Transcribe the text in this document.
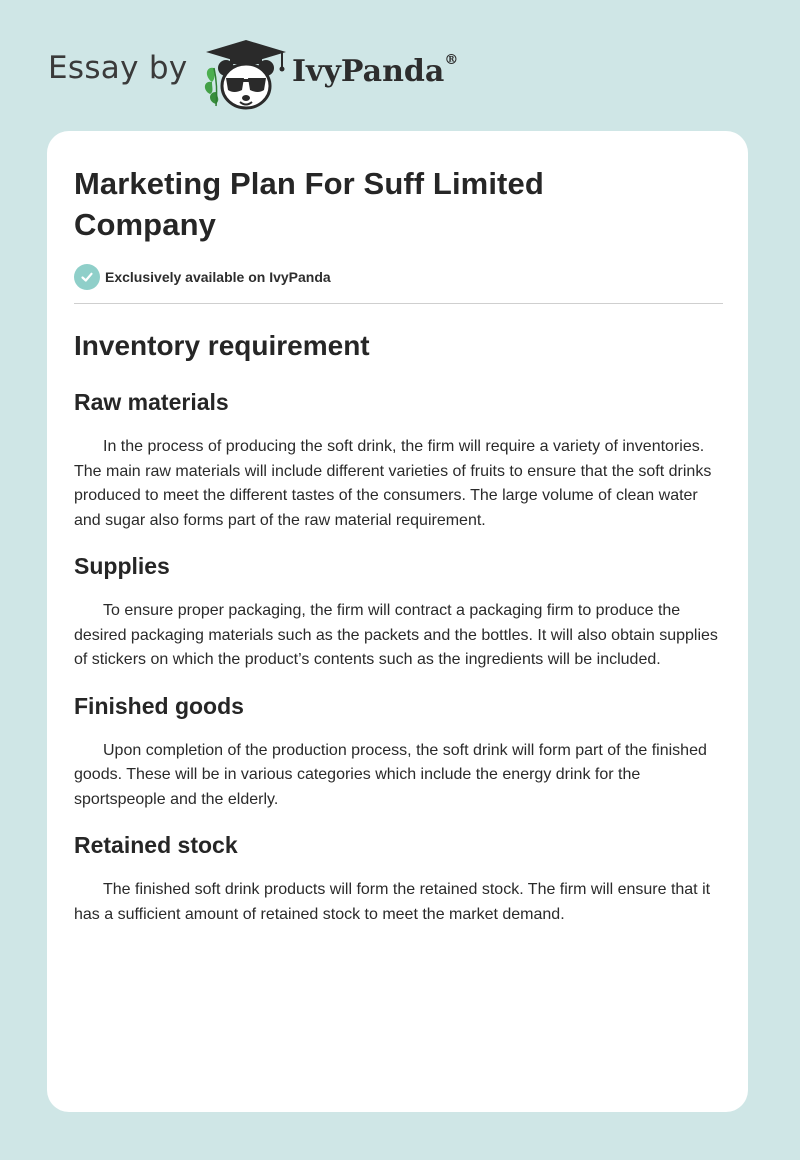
Essay by	IvyPanda®
Marketing Plan For Suff Limited
Company
Exclusively available on IvyPanda
Inventory requirement
Raw materials

In the process of producing the soft drink, the firm will require a variety of inventories. The main raw materials will include different varieties of fruits to ensure that the soft drinks produced to meet the different tastes of the consumers. The large volume of clean water and sugar also forms part of the raw material requirement.

Supplies

To ensure proper packaging, the firm will contract a packaging firm to produce the desired packaging materials such as the packets and the bottles. It will also obtain supplies of stickers on which the product’s contents such as the ingredients will be included.

Finished goods

Upon completion of the production process, the soft drink will form part of the finished goods. These will be in various categories which include the energy drink for the sportspeople and the elderly.

Retained stock

The finished soft drink products will form the retained stock. The firm will ensure that it has a sufficient amount of retained stock to meet the market demand.
